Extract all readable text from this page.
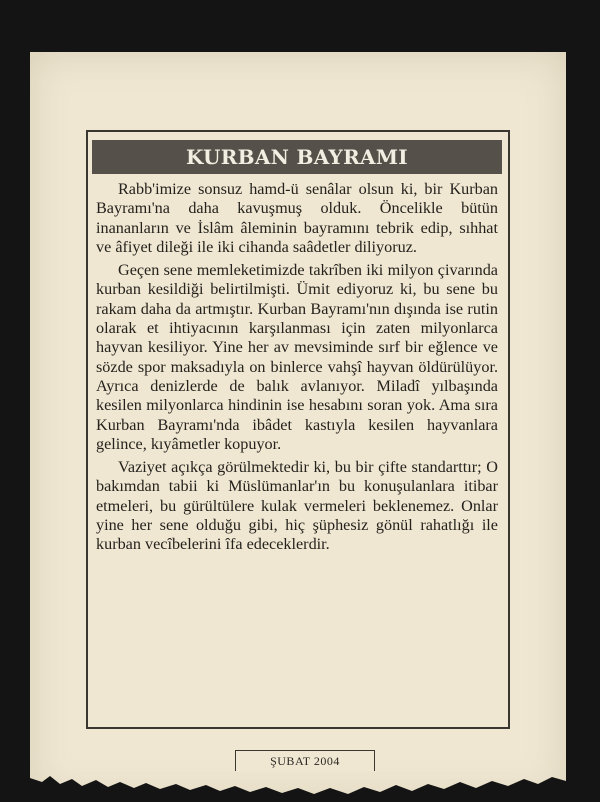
KURBAN BAYRAMI

Rabb'imize sonsuz hamd-ü senâlar olsun ki, bir Kurban Bayramı'na daha kavuşmuş olduk. Öncelikle bütün inananların ve İslâm âleminin bayramını tebrik edip, sıhhat ve âfiyet dileği ile iki cihanda saâdetler diliyoruz.

Geçen sene memleketimizde takrîben iki milyon çivarında kurban kesildiği belirtilmişti. Ümit ediyoruz ki, bu sene bu rakam daha da artmıştır. Kurban Bayramı'nın dışında ise rutin olarak et ihtiyacının karşılanması için zaten milyonlarca hayvan kesiliyor. Yine her av mevsiminde sırf bir eğlence ve sözde spor maksadıyla on binlerce vahşî hayvan öldürülüyor. Ayrıca denizlerde de balık avlanıyor. Miladî yılbaşında kesilen milyonlarca hindinin ise hesabını soran yok. Ama sıra Kurban Bayramı'nda ibâdet kastıyla kesilen hayvanlara gelince, kıyâmetler kopuyor.

Vaziyet açıkça görülmektedir ki, bu bir çifte standarttır; O bakımdan tabii ki Müslümanlar'ın bu konuşulanlara itibar etmeleri, bu gürültülere kulak vermeleri beklenemez. Onlar yine her sene olduğu gibi, hiç şüphesiz gönül rahatlığı ile kurban vecîbelerini îfa edeceklerdir.

ŞUBAT 2004
